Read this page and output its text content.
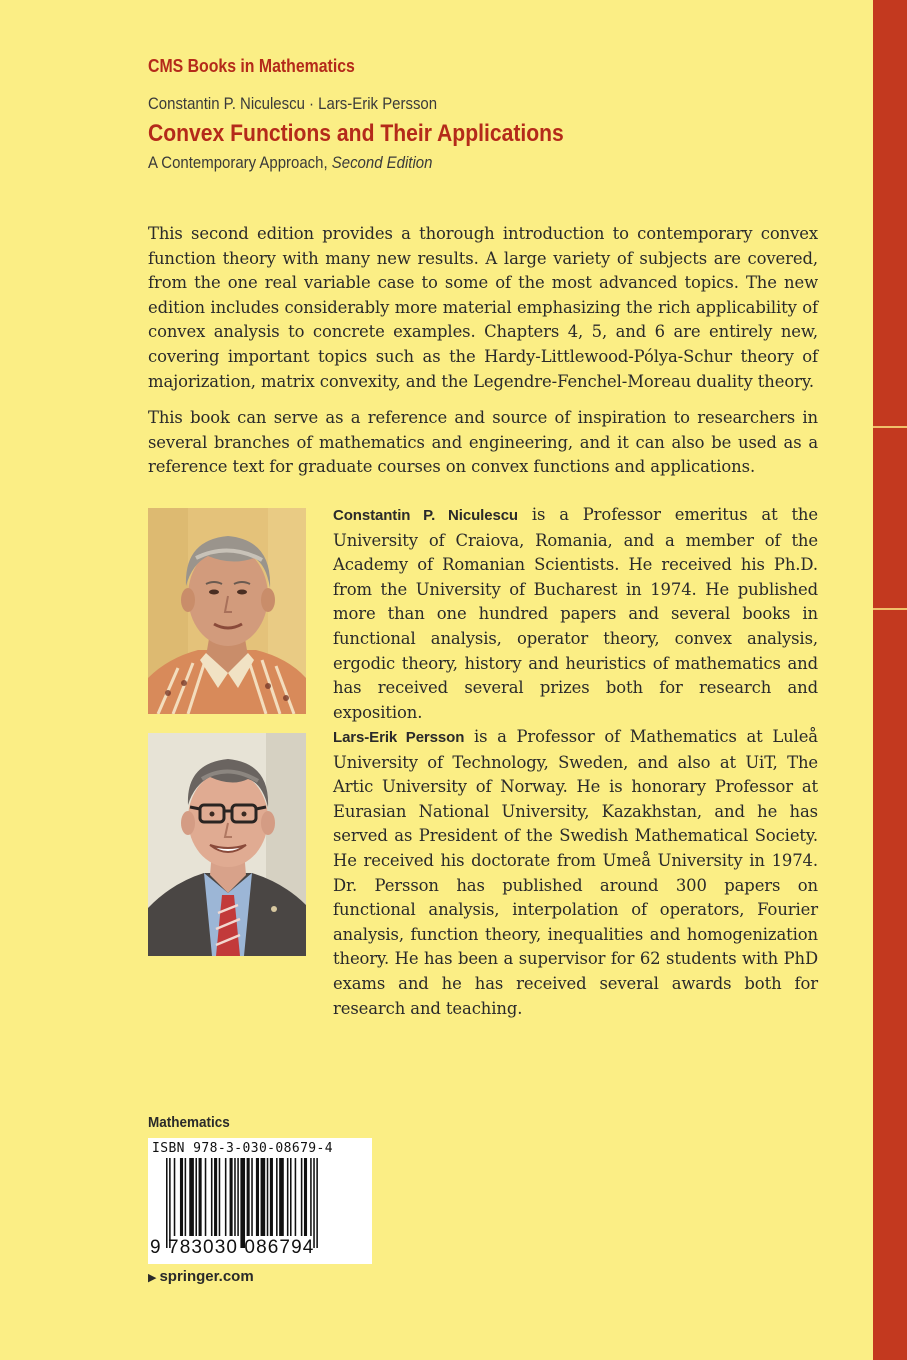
CMS Books in Mathematics
Constantin P. Niculescu · Lars-Erik Persson
Convex Functions and Their Applications
A Contemporary Approach, Second Edition

This second edition provides a thorough introduction to contemporary convex function theory with many new results. A large variety of subjects are covered, from the one real variable case to some of the most advanced topics. The new edition includes considerably more material emphasizing the rich applicability of convex analysis to concrete examples. Chapters 4, 5, and 6 are entirely new, covering important topics such as the Hardy-Littlewood-Pólya-Schur theory of majorization, matrix convexity, and the Legendre-Fenchel-Moreau duality theory.

This book can serve as a reference and source of inspiration to researchers in several branches of mathematics and engineering, and it can also be used as a reference text for graduate courses on convex functions and applications.

Constantin P. Niculescu is a Professor emeritus at the University of Craiova, Romania, and a member of the Academy of Romanian Scientists. He received his Ph.D. from the University of Bucharest in 1974. He published more than one hundred papers and several books in functional analysis, operator theory, convex analysis, ergodic theory, history and heuristics of mathematics and has received several prizes both for research and exposition.

Lars-Erik Persson is a Professor of Mathematics at Luleå University of Technology, Sweden, and also at UiT, The Artic University of Norway. He is honorary Professor at Eurasian National University, Kazakhstan, and he has served as President of the Swedish Mathematical Society. He received his doctorate from Umeå University in 1974. Dr. Persson has published around 300 papers on functional analysis, interpolation of operators, Fourier analysis, function theory, inequalities and homogenization theory. He has been a supervisor for 62 students with PhD exams and he has received several awards both for research and teaching.

Mathematics
ISBN 978-3-030-08679-4
9 783030 086794
▶ springer.com
